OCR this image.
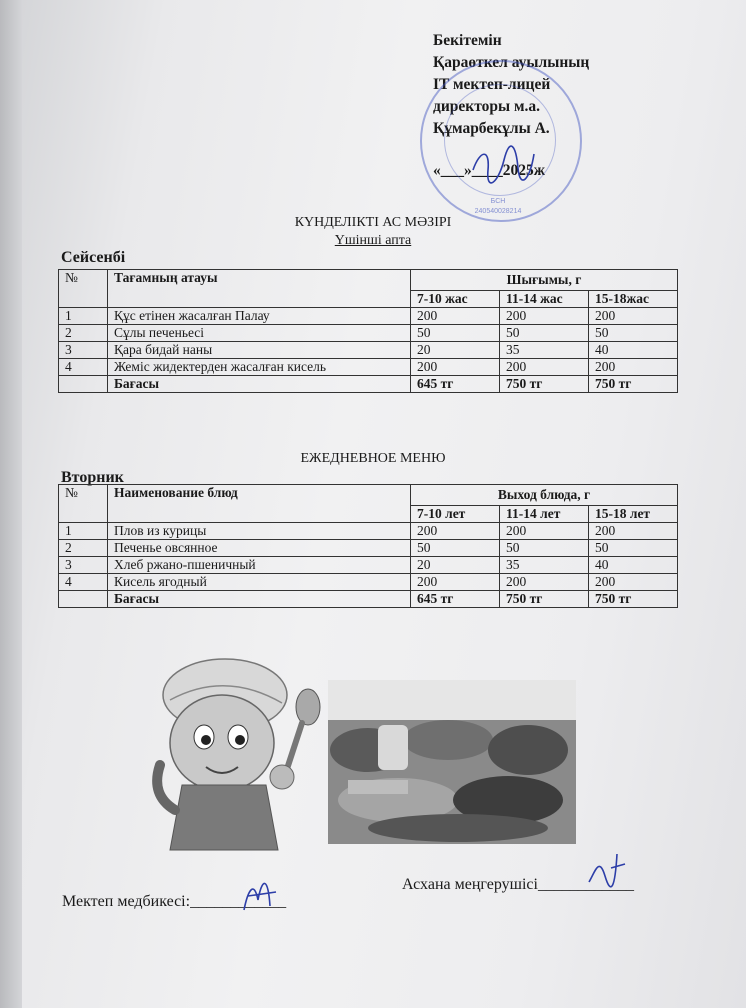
Бекітемін
Қараөткел ауылының
IT мектеп-лицей
директоры м.а.
Құмарбекұлы А.
«___»____2025ж
БСН
240540028214
КҮНДЕЛІКТІ АС МӘЗІРІ
Үшінші апта
Сейсенбі
№	Тағамның атауы	Шығымы, г		
		7-10 жас	11-14 жас	15-18жас
1	Құс етінен жасалған Палау	200	200	200
2	Сұлы печеньесі	50	50	50
3	Қара бидай наны	20	35	40
4	Жеміс жидектерден жасалған кисель	200	200	200
	Бағасы	645 тг	750 тг	750 тг
ЕЖЕДНЕВНОЕ МЕНЮ
Вторник
№	Наименование блюд	Выход блюда, г		
		7-10 лет	11-14 лет	15-18 лет
1	Плов из курицы	200	200	200
2	Печенье овсянное	50	50	50
3	Хлеб ржано-пшеничный	20	35	40
4	Кисель ягодный	200	200	200
	Бағасы	645 тг	750 тг	750 тг
Мектеп медбикесі:____________
Асхана меңгерушісі____________
